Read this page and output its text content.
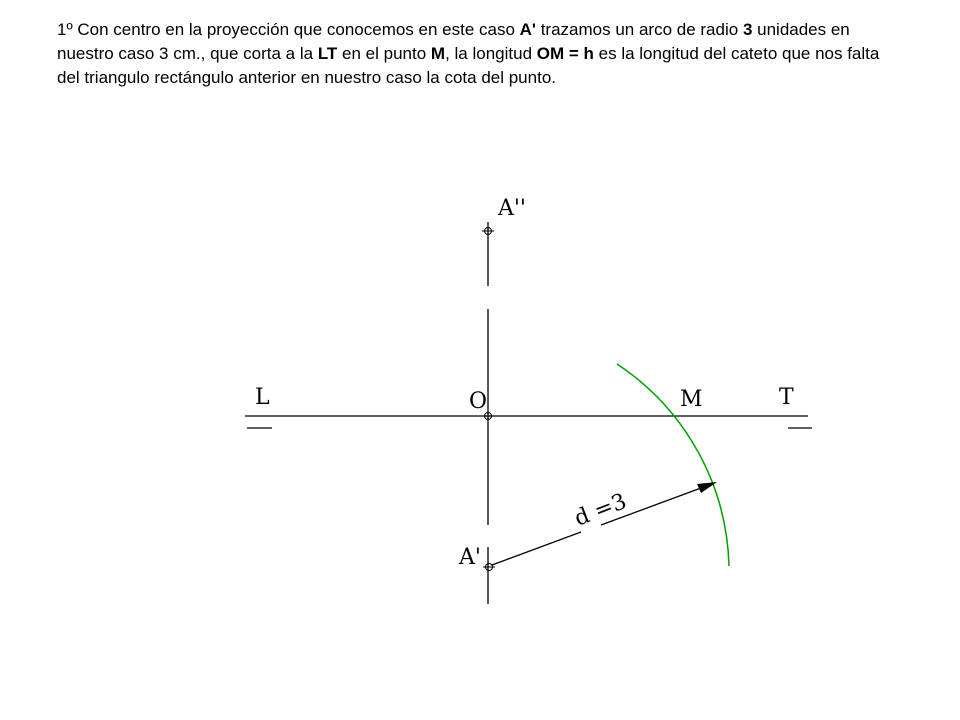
1º Con centro en la proyección que conocemos en este caso A' trazamos un arco de radio 3 unidades en nuestro caso 3 cm., que corta a la LT en el punto M, la longitud OM = h es la longitud del cateto que nos falta del triangulo rectángulo anterior en nuestro caso la cota del punto.

A''
L	T
O	M
A'
d =3
